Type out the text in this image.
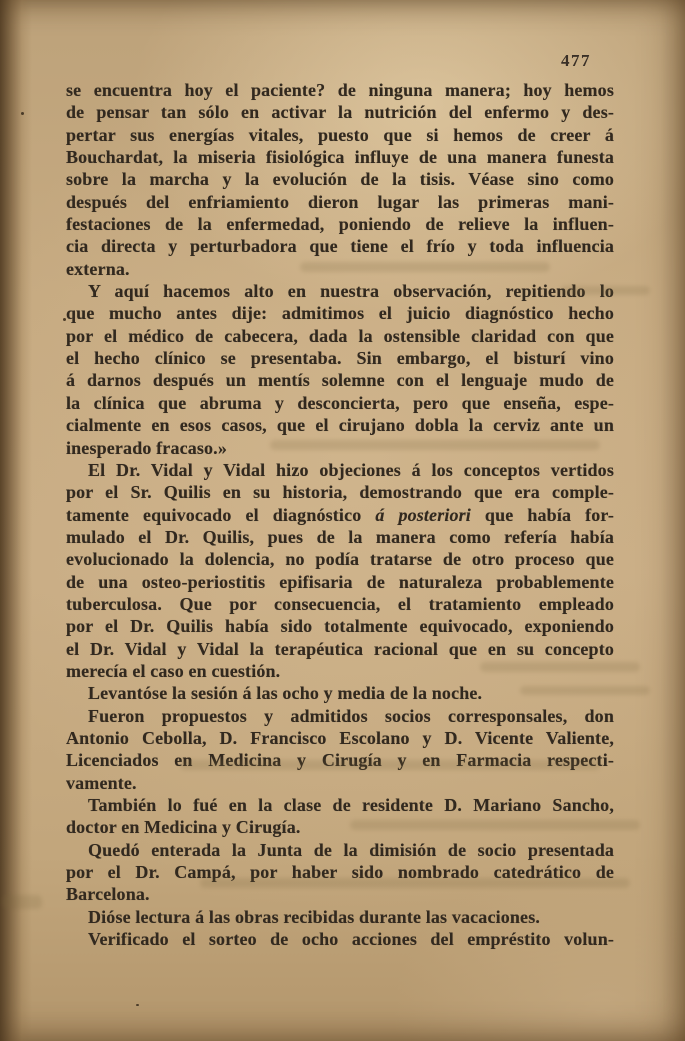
477
se encuentra hoy el paciente? de ninguna manera; hoy hemos
de pensar tan sólo en activar la nutrición del enfermo y des-
pertar sus energías vitales, puesto que si hemos de creer á
Bouchardat, la miseria fisiológica influye de una manera funesta
sobre la marcha y la evolución de la tisis. Véase sino como
después del enfriamiento dieron lugar las primeras mani-
festaciones de la enfermedad, poniendo de relieve la influen-
cia directa y perturbadora que tiene el frío y toda influencia
externa.
Y aquí hacemos alto en nuestra observación, repitiendo lo
que mucho antes dije: admitimos el juicio diagnóstico hecho
por el médico de cabecera, dada la ostensible claridad con que
el hecho clínico se presentaba. Sin embargo, el bisturí vino
á darnos después un mentís solemne con el lenguaje mudo de
la clínica que abruma y desconcierta, pero que enseña, espe-
cialmente en esos casos, que el cirujano dobla la cerviz ante un
inesperado fracaso.»
El Dr. Vidal y Vidal hizo objeciones á los conceptos vertidos
por el Sr. Quilis en su historia, demostrando que era comple-
tamente equivocado el diagnóstico á posteriori que había for-
mulado el Dr. Quilis, pues de la manera como refería había
evolucionado la dolencia, no podía tratarse de otro proceso que
de una osteo-periostitis epifisaria de naturaleza probablemente
tuberculosa. Que por consecuencia, el tratamiento empleado
por el Dr. Quilis había sido totalmente equivocado, exponiendo
el Dr. Vidal y Vidal la terapéutica racional que en su concepto
merecía el caso en cuestión.
Levantóse la sesión á las ocho y media de la noche.
Fueron propuestos y admitidos socios corresponsales, don
Antonio Cebolla, D. Francisco Escolano y D. Vicente Valiente,
Licenciados en Medicina y Cirugía y en Farmacia respecti-
vamente.
También lo fué en la clase de residente D. Mariano Sancho,
doctor en Medicina y Cirugía.
Quedó enterada la Junta de la dimisión de socio presentada
por el Dr. Campá, por haber sido nombrado catedrático de
Barcelona.
Dióse lectura á las obras recibidas durante las vacaciones.
Verificado el sorteo de ocho acciones del empréstito volun-
